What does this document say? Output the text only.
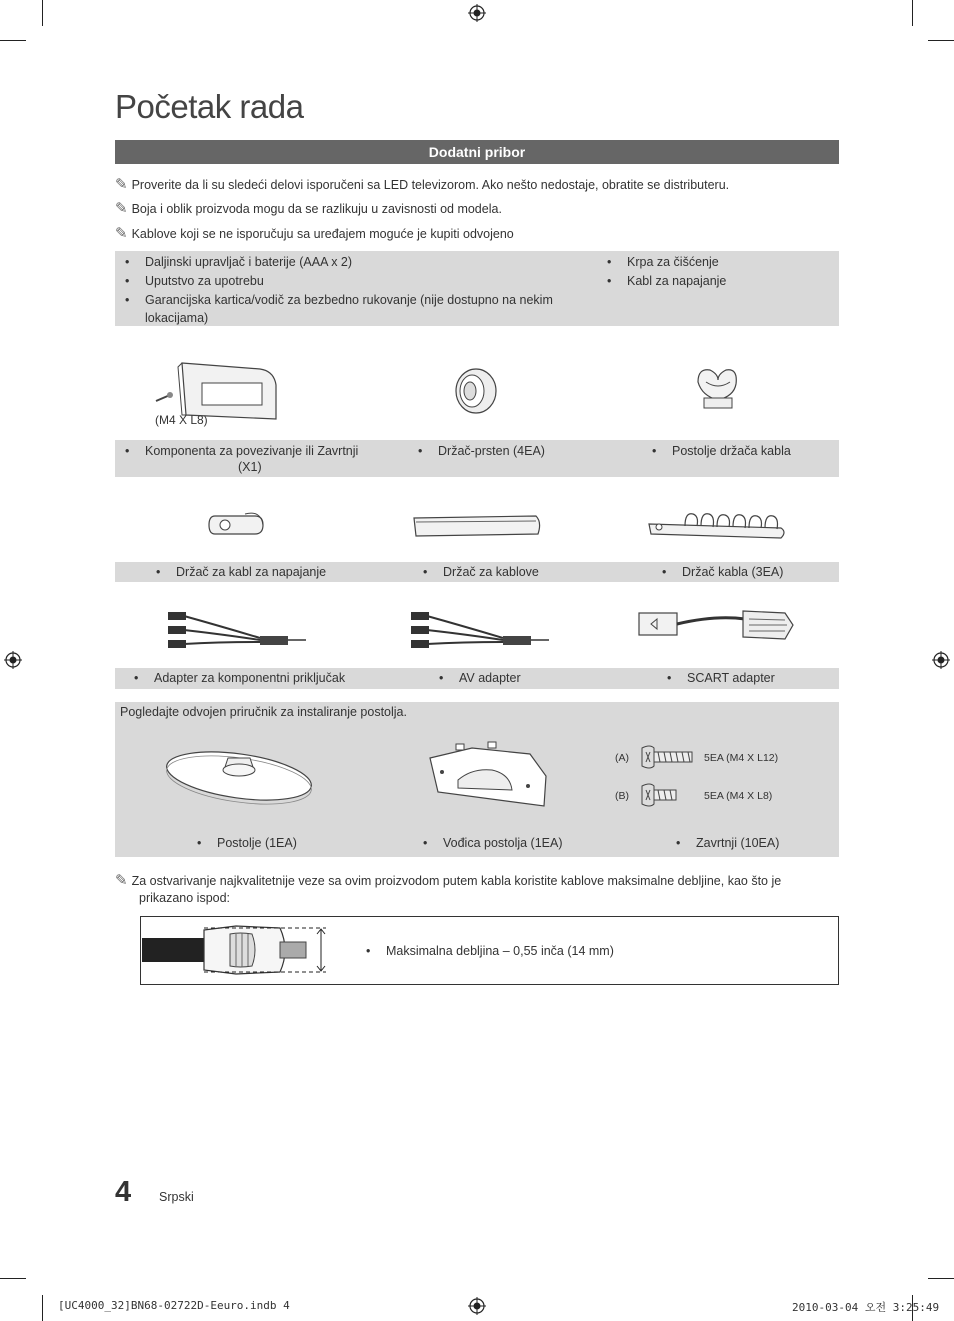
Početak rada
Dodatni pribor
✎ Proverite da li su sledeći delovi isporučeni sa LED televizorom. Ako nešto nedostaje, obratite se distributeru.
✎ Boja i oblik proizvoda mogu da se razlikuju u zavisnosti od modela.
✎ Kablove koji se ne isporučuju sa uređajem moguće je kupiti odvojeno
• Daljinski upravljač i baterije (AAA x 2)
• Uputstvo za upotrebu
• Garancijska kartica/vodič za bezbedno rukovanje (nije dostupno na nekim lokacijama)
• Krpa za čišćenje
• Kabl za napajanje
(M4 X L8)
• Komponenta za povezivanje ili Zavrtnji
(X1)
• Držač-prsten (4EA)	• Postolje držača kabla
• Držač za kabl za napajanje	• Držač za kablove	• Držač kabla (3EA)
• Adapter za komponentni priključak	• AV adapter	• SCART adapter
Pogledajte odvojen priručnik za instaliranje postolja.
(A)	5EA (M4 X L12)
(B)	5EA (M4 X L8)
• Postolje (1EA)	• Vođica postolja (1EA)	• Zavrtnji (10EA)
✎ Za ostvarivanje najkvalitetnije veze sa ovim proizvodom putem kabla koristite kablove maksimalne debljine, kao što je
prikazano ispod:
• Maksimalna debljina – 0,55 inča (14 mm)
4 Srpski
[UC4000_32]BN68-02722D-Eeuro.indb 4	2010-03-04 오전 3:25:49
